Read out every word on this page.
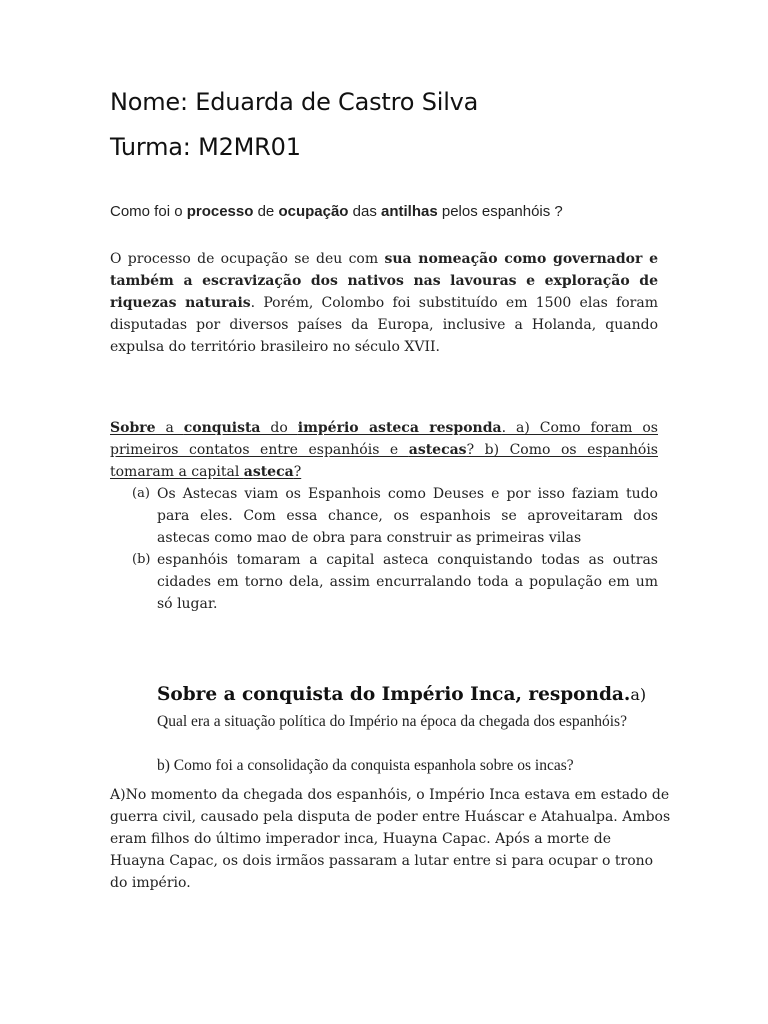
Nome: Eduarda de Castro Silva
Turma: M2MR01
Como foi o processo de ocupação das antilhas pelos espanhóis ?
O processo de ocupação se deu com sua nomeação como governador e também a escravização dos nativos nas lavouras e exploração de riquezas naturais. Porém, Colombo foi substituído em 1500 elas foram disputadas por diversos países da Europa, inclusive a Holanda, quando expulsa do território brasileiro no século XVII.
Sobre a conquista do império asteca responda. a) Como foram os primeiros contatos entre espanhóis e astecas? b) Como os espanhóis tomaram a capital asteca?
(a) Os Astecas viam os Espanhois como Deuses e por isso faziam tudo para eles. Com essa chance, os espanhois se aproveitaram dos astecas como mao de obra para construir as primeiras vilas
(b) espanhóis tomaram a capital asteca conquistando todas as outras cidades em torno dela, assim encurralando toda a população em um só lugar.
Sobre a conquista do Império Inca, responda.a)
Qual era a situação política do Império na época da chegada dos espanhóis?
b) Como foi a consolidação da conquista espanhola sobre os incas?
A)No momento da chegada dos espanhóis, o Império Inca estava em estado de
guerra civil, causado pela disputa de poder entre Huáscar e Atahualpa. Ambos
eram filhos do último imperador inca, Huayna Capac. Após a morte de
Huayna Capac, os dois irmãos passaram a lutar entre si para ocupar o trono
do império.
